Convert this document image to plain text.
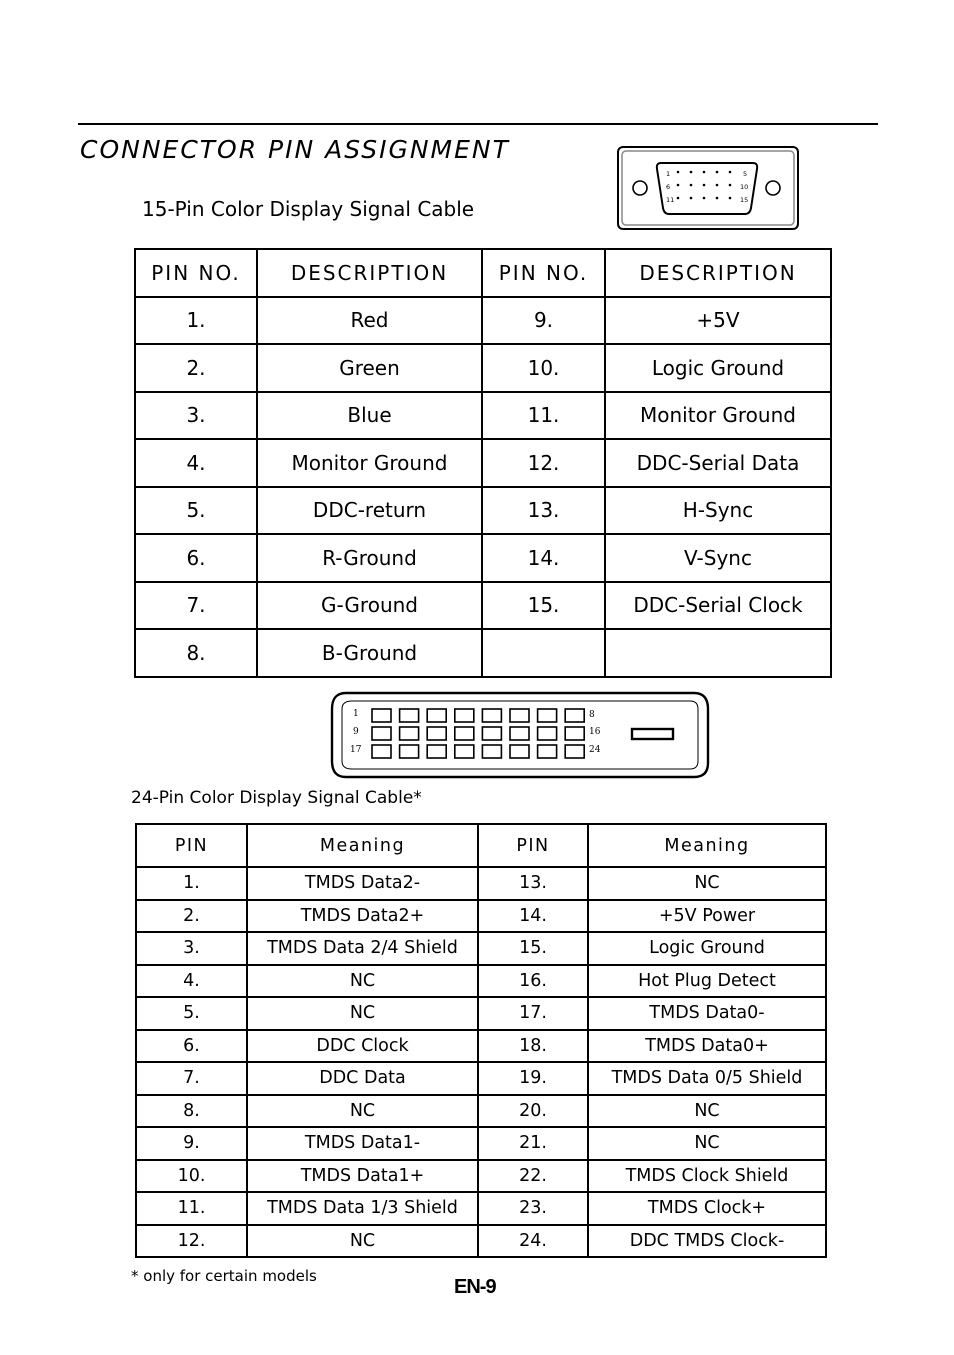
CONNECTOR PIN ASSIGNMENT
15-Pin Color Display Signal Cable
1	5
6	10
11	15
PIN NO.	DESCRIPTION	PIN NO.	DESCRIPTION
1.	Red	9.	+5V
2.	Green	10.	Logic Ground
3.	Blue	11.	Monitor Ground
4.	Monitor Ground	12.	DDC-Serial Data
5.	DDC-return	13.	H-Sync
6.	R-Ground	14.	V-Sync
7.	G-Ground	15.	DDC-Serial Clock
8.	B-Ground		
1	8
9	16
17	24
24-Pin Color Display Signal Cable*
PIN	Meaning	PIN	Meaning
1.	TMDS Data2-	13.	NC
2.	TMDS Data2+	14.	+5V Power
3.	TMDS Data 2/4 Shield	15.	Logic Ground
4.	NC	16.	Hot Plug Detect
5.	NC	17.	TMDS Data0-
6.	DDC Clock	18.	TMDS Data0+
7.	DDC Data	19.	TMDS Data 0/5 Shield
8.	NC	20.	NC
9.	TMDS Data1-	21.	NC
10.	TMDS Data1+	22.	TMDS Clock Shield
11.	TMDS Data 1/3 Shield	23.	TMDS Clock+
12.	NC	24.	DDC TMDS Clock-
* only for certain models	EN-9
